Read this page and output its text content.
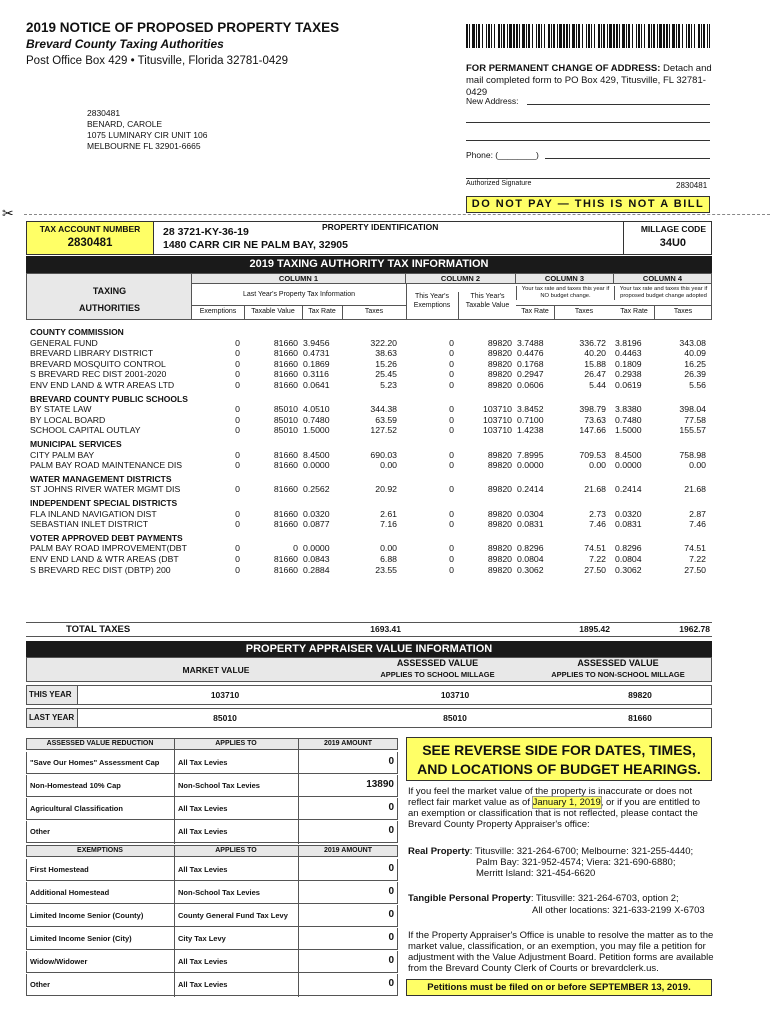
2019 NOTICE OF PROPOSED PROPERTY TAXES
Brevard County Taxing Authorities
Post Office Box 429 • Titusville, Florida 32781-0429
FOR PERMANENT CHANGE OF ADDRESS: Detach and mail completed form to PO Box 429, Titusville, FL 32781-0429
New Address:
Phone: (________)
Authorized Signature	2830481
DO NOT PAY — THIS IS NOT A BILL
2830481
BENARD, CAROLE
1075 LUMINARY CIR UNIT 106
MELBOURNE FL 32901-6665
✂
TAX ACCOUNT NUMBER
2830481
28 3721-KY-36-19
1480 CARR CIR NE PALM BAY, 32905
PROPERTY IDENTIFICATION	MILLAGE CODE
34U0
2019 TAXING AUTHORITY TAX INFORMATION
TAXING
AUTHORITIES
COLUMN 1	COLUMN 2	COLUMN 3	COLUMN 4
Last Year's Property Tax Information	This Year's Exemptions
This Year's Taxable Value
Your tax rate and taxes this year if NO budget change.
Your tax rate and taxes this year if proposed budget change adopted
Exemptions	Taxable Value	Tax Rate	Taxes	Tax Rate	Taxes	Tax Rate	Taxes
COUNTY COMMISSION
GENERAL FUND	0	81660 3.9456	322.20	0	89820 3.7488	336.72 3.8196	343.08
BREVARD LIBRARY DISTRICT	0	81660 0.4731	38.63	0	89820 0.4476	40.20 0.4463	40.09
BREVARD MOSQUITO CONTROL	0	81660 0.1869	15.26	0	89820 0.1768	15.88 0.1809	16.25
S BREVARD REC DIST 2001-2020	0	81660 0.3116	25.45	0	89820 0.2947	26.47 0.2938	26.39
ENV END LAND & WTR AREAS LTD	0	81660 0.0641	5.23	0	89820 0.0606	5.44 0.0619	5.56
BREVARD COUNTY PUBLIC SCHOOLS
BY STATE LAW	0	85010 4.0510	344.38	0	103710 3.8452	398.79 3.8380	398.04
BY LOCAL BOARD	0	85010 0.7480	63.59	0	103710 0.7100	73.63 0.7480	77.58
SCHOOL CAPITAL OUTLAY	0	85010 1.5000	127.52	0	103710 1.4238	147.66 1.5000	155.57
MUNICIPAL SERVICES
CITY PALM BAY	0	81660 8.4500	690.03	0	89820 7.8995	709.53 8.4500	758.98
PALM BAY ROAD MAINTENANCE DIS	0	81660 0.0000	0.00	0	89820 0.0000	0.00 0.0000	0.00
WATER MANAGEMENT DISTRICTS
ST JOHNS RIVER WATER MGMT DIS	0	81660 0.2562	20.92	0	89820 0.2414	21.68 0.2414	21.68
INDEPENDENT SPECIAL DISTRICTS
FLA INLAND NAVIGATION DIST	0	81660 0.0320	2.61	0	89820 0.0304	2.73 0.0320	2.87
SEBASTIAN INLET DISTRICT	0	81660 0.0877	7.16	0	89820 0.0831	7.46 0.0831	7.46
VOTER APPROVED DEBT PAYMENTS
PALM BAY ROAD IMPROVEMENT(DBT	0	0 0.0000	0.00	0	89820 0.8296	74.51 0.8296	74.51
ENV END LAND & WTR AREAS (DBT	0	81660 0.0843	6.88	0	89820 0.0804	7.22 0.0804	7.22
S BREVARD REC DIST (DBTP) 200	0	81660 0.2884	23.55	0	89820 0.3062	27.50 0.3062	27.50
TOTAL TAXES	1693.41	1895.42	1962.78
PROPERTY APPRAISER VALUE INFORMATION
MARKET VALUE
ASSESSED VALUE
APPLIES TO SCHOOL MILLAGE
ASSESSED VALUE
APPLIES TO NON-SCHOOL MILLAGE
THIS YEAR	103710	103710	89820
LAST YEAR	85010	85010	81660
ASSESSED VALUE REDUCTION	APPLIES TO	2019 AMOUNT
"Save Our Homes" Assessment Cap	All Tax Levies	0
Non-Homestead 10% Cap	Non-School Tax Levies	13890
Agricultural Classification	All Tax Levies	0
Other	All Tax Levies	0
EXEMPTIONS	APPLIES TO	2019 AMOUNT
First Homestead	All Tax Levies	0
Additional Homestead	Non-School Tax Levies	0
Limited Income Senior (County)	County General Fund Tax Levy	0
Limited Income Senior (City)	City Tax Levy	0
Widow/Widower	All Tax Levies	0
Other	All Tax Levies	0
SEE REVERSE SIDE FOR DATES, TIMES, AND LOCATIONS OF BUDGET HEARINGS.
If you feel the market value of the property is inaccurate or does not reflect fair market value as of January 1, 2019, or if you are entitled to an exemption or classification that is not reflected, please contact the Brevard County Property Appraiser's office:
Real Property: Titusville: 321-264-6700; Melbourne: 321-255-4440;
Palm Bay: 321-952-4574; Viera: 321-690-6880;
Merritt Island: 321-454-6620
Tangible Personal Property: Titusville: 321-264-6703, option 2;
All other locations: 321-633-2199 X-6703
If the Property Appraiser's Office is unable to resolve the matter as to the market value, classification, or an exemption, you may file a petition for adjustment with the Value Adjustment Board. Petition forms are available from the Brevard County Clerk of Courts or brevardclerk.us.
Petitions must be filed on or before SEPTEMBER 13, 2019.
